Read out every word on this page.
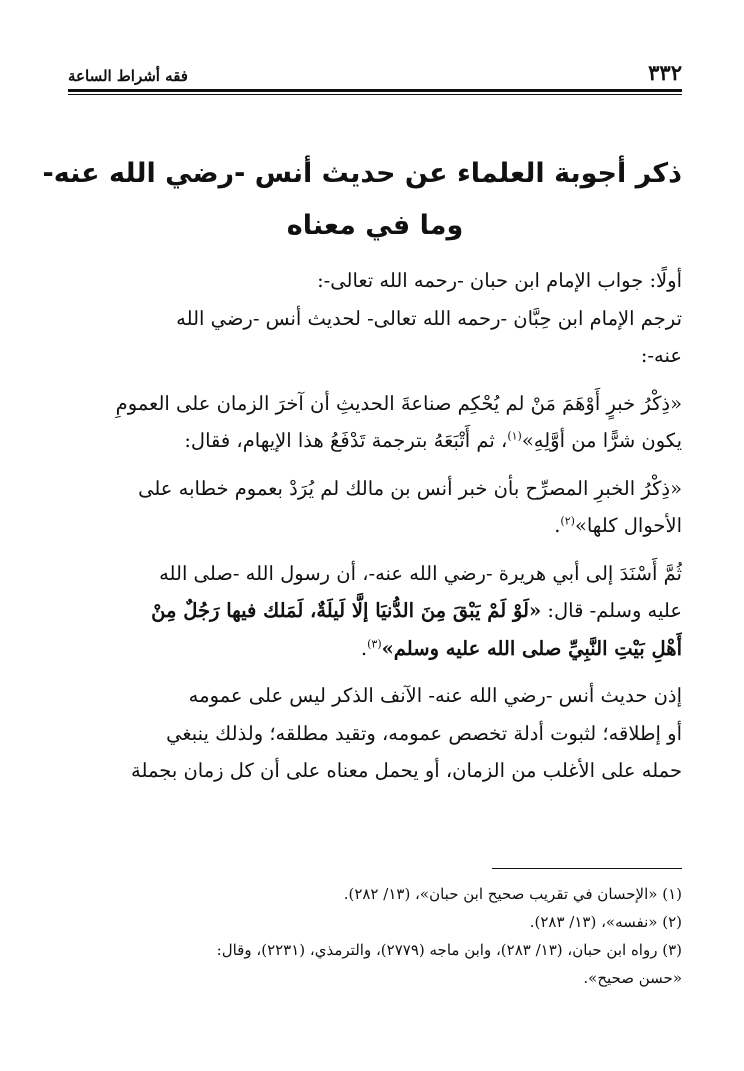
٣٣٢
فقه أشراط الساعة
ذكر أجوبة العلماء عن حديث أنس -رضي الله عنه-
وما في معناه
أولًا: جواب الإمام ابن حبان -رحمه الله تعالى-:
ترجم الإمام ابن حِبَّان -رحمه الله تعالى- لحديث أنس -رضي الله
عنه-:
«ذِكْرُ خبرٍ أَوْهَمَ مَنْ لم يُحْكِم صناعةَ الحديثِ أن آخرَ الزمان على العمومِ
يكون شرًّا من أوَّلِهِ»$^{(١)}$، ثم أَتْبَعَهُ بترجمة تَدْفَعُ هذا الإيهام، فقال:
«ذِكْرُ الخبرِ المصرِّح بأن خبر أنس بن مالك لم يُرَدْ بعموم خطابه على
الأحوال كلها»$^{(٢)}$.
ثُمَّ أَسْنَدَ إلى أبي هريرة -رضي الله عنه-، أن رسول الله -صلى الله
عليه وسلم- قال: «لَوْ لَمْ يَبْقَ مِنَ الدُّنيَا إلَّا لَيلَةٌ، لَمَلك فيها رَجُلٌ مِنْ
أَهْلِ بَيْتِ النَّبِيِّ صلى الله عليه وسلم»$^{(٣)}$.
إذن حديث أنس -رضي الله عنه- الآنف الذكر ليس على عمومه
أو إطلاقه؛ لثبوت أدلة تخصص عمومه، وتقيد مطلقه؛ ولذلك ينبغي
حمله على الأغلب من الزمان، أو يحمل معناه على أن كل زمان بجملة
(١) «الإحسان في تقريب صحيح ابن حبان»، (١٣/ ٢٨٢).
(٢) «نفسه»، (١٣/ ٢٨٣).
(٣) رواه ابن حبان، (١٣/ ٢٨٣)، وابن ماجه (٢٧٧٩)، والترمذي، (٢٢٣١)، وقال:
«حسن صحيح».
